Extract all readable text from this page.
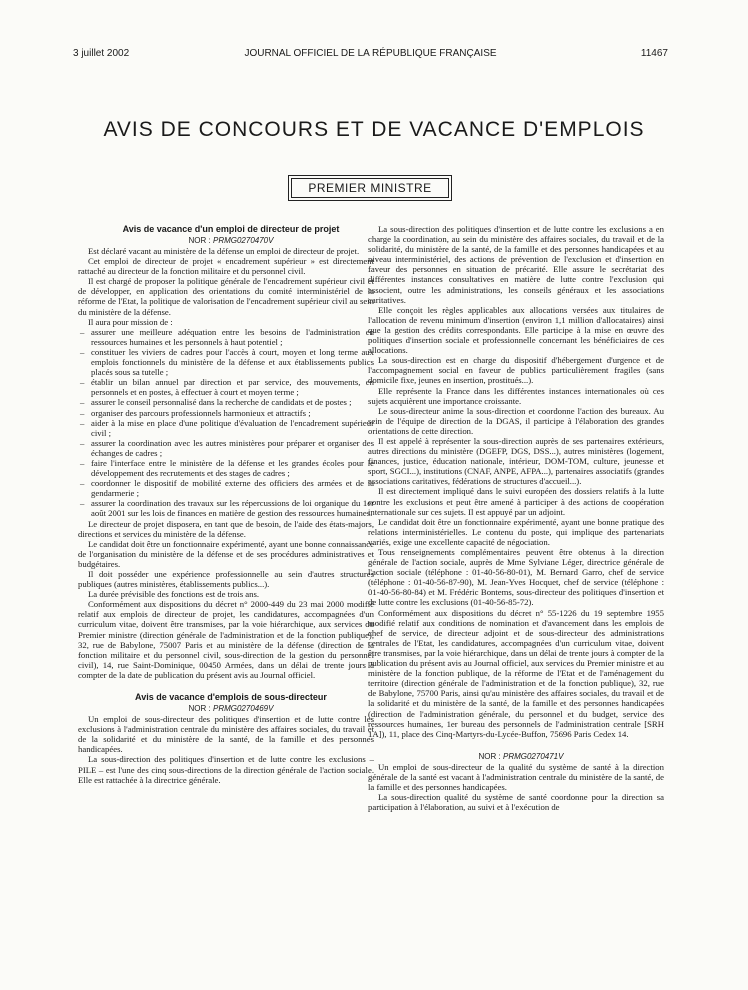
3 juillet 2002	JOURNAL OFFICIEL DE LA RÉPUBLIQUE FRANÇAISE	11467
AVIS DE CONCOURS ET DE VACANCE D'EMPLOIS
PREMIER MINISTRE

Avis de vacance d'un emploi de directeur de projet

NOR : PRMG0270470V

Est déclaré vacant au ministère de la défense un emploi de directeur de projet.

Cet emploi de directeur de projet « encadrement supérieur » est directement rattaché au directeur de la fonction militaire et du personnel civil.

Il est chargé de proposer la politique générale de l'encadrement supérieur civil et de développer, en application des orientations du comité interministériel de la réforme de l'Etat, la politique de valorisation de l'encadrement supérieur civil au sein du ministère de la défense.

Il aura pour mission de :

– assurer une meilleure adéquation entre les besoins de l'administration en ressources humaines et les personnels à haut potentiel ;
– constituer les viviers de cadres pour l'accès à court, moyen et long terme aux emplois fonctionnels du ministère de la défense et aux établissements publics placés sous sa tutelle ;
– établir un bilan annuel par direction et par service, des mouvements, en personnels et en postes, à effectuer à court et moyen terme ;
– assurer le conseil personnalisé dans la recherche de candidats et de postes ;
– organiser des parcours professionnels harmonieux et attractifs ;
– aider à la mise en place d'une politique d'évaluation de l'encadrement supérieur civil ;
– assurer la coordination avec les autres ministères pour préparer et organiser des échanges de cadres ;
– faire l'interface entre le ministère de la défense et les grandes écoles pour le développement des recrutements et des stages de cadres ;
– coordonner le dispositif de mobilité externe des officiers des armées et de la gendarmerie ;
– assurer la coordination des travaux sur les répercussions de loi organique du 1er août 2001 sur les lois de finances en matière de gestion des ressources humaines.

Le directeur de projet disposera, en tant que de besoin, de l'aide des états-majors, directions et services du ministère de la défense.

Le candidat doit être un fonctionnaire expérimenté, ayant une bonne connaissance de l'organisation du ministère de la défense et de ses procédures administratives et budgétaires.

Il doit posséder une expérience professionnelle au sein d'autres structures publiques (autres ministères, établissements publics...).

La durée prévisible des fonctions est de trois ans.

Conformément aux dispositions du décret n° 2000-449 du 23 mai 2000 modifié relatif aux emplois de directeur de projet, les candidatures, accompagnées d'un curriculum vitae, doivent être transmises, par la voie hiérarchique, aux services du Premier ministre (direction générale de l'administration et de la fonction publique), 32, rue de Babylone, 75007 Paris et au ministère de la défense (direction de la fonction militaire et du personnel civil, sous-direction de la gestion du personnel civil), 14, rue Saint-Dominique, 00450 Armées, dans un délai de trente jours à compter de la date de publication du présent avis au Journal officiel.

Avis de vacance d'emplois de sous-directeur

NOR : PRMG0270469V

Un emploi de sous-directeur des politiques d'insertion et de lutte contre les exclusions à l'administration centrale du ministère des affaires sociales, du travail et de la solidarité et du ministère de la santé, de la famille et des personnes handicapées.

La sous-direction des politiques d'insertion et de lutte contre les exclusions – PILE – est l'une des cinq sous-directions de la direction générale de l'action sociale. Elle est rattachée à la directrice générale.

La sous-direction des politiques d'insertion et de lutte contre les exclusions a en charge la coordination, au sein du ministère des affaires sociales, du travail et de la solidarité, du ministère de la santé, de la famille et des personnes handicapées et au niveau interministériel, des actions de prévention de l'exclusion et d'insertion en faveur des personnes en situation de précarité. Elle assure le secrétariat des différentes instances consultatives en matière de lutte contre l'exclusion qui associent, outre les administrations, les conseils généraux et les associations caritatives.

Elle conçoit les règles applicables aux allocations versées aux titulaires de l'allocation de revenu minimum d'insertion (environ 1,1 million d'allocataires) ainsi que la gestion des crédits correspondants. Elle participe à la mise en œuvre des politiques d'insertion sociale et professionnelle concernant les bénéficiaires de ces allocations.

La sous-direction est en charge du dispositif d'hébergement d'urgence et de l'accompagnement social en faveur de publics particulièrement fragiles (sans domicile fixe, jeunes en insertion, prostitués...).

Elle représente la France dans les différentes instances internationales où ces sujets acquièrent une importance croissante.

Le sous-directeur anime la sous-direction et coordonne l'action des bureaux. Au sein de l'équipe de direction de la DGAS, il participe à l'élaboration des grandes orientations de cette direction.

Il est appelé à représenter la sous-direction auprès de ses partenaires extérieurs, autres directions du ministère (DGEFP, DGS, DSS...), autres ministères (logement, finances, justice, éducation nationale, intérieur, DOM-TOM, culture, jeunesse et sport, SGCI...), institutions (CNAF, ANPE, AFPA...), partenaires associatifs (grandes associations caritatives, fédérations de structures d'accueil...).

Il est directement impliqué dans le suivi européen des dossiers relatifs à la lutte contre les exclusions et peut être amené à participer à des actions de coopération internationale sur ces sujets. Il est appuyé par un adjoint.

Le candidat doit être un fonctionnaire expérimenté, ayant une bonne pratique des relations interministérielles. Le contenu du poste, qui implique des partenariats variés, exige une excellente capacité de négociation.

Tous renseignements complémentaires peuvent être obtenus à la direction générale de l'action sociale, auprès de Mme Sylviane Léger, directrice générale de l'action sociale (téléphone : 01-40-56-80-01), M. Bernard Garro, chef de service (téléphone : 01-40-56-87-90), M. Jean-Yves Hocquet, chef de service (téléphone : 01-40-56-80-84) et M. Frédéric Bontems, sous-directeur des politiques d'insertion et de lutte contre les exclusions (01-40-56-85-72).

Conformément aux dispositions du décret n° 55-1226 du 19 septembre 1955 modifié relatif aux conditions de nomination et d'avancement dans les emplois de chef de service, de directeur adjoint et de sous-directeur des administrations centrales de l'Etat, les candidatures, accompagnées d'un curriculum vitae, doivent être transmises, par la voie hiérarchique, dans un délai de trente jours à compter de la publication du présent avis au Journal officiel, aux services du Premier ministre et au ministère de la fonction publique, de la réforme de l'Etat et de l'aménagement du territoire (direction générale de l'administration et de la fonction publique), 32, rue de Babylone, 75700 Paris, ainsi qu'au ministère des affaires sociales, du travail et de la solidarité et du ministère de la santé, de la famille et des personnes handicapées (direction de l'administration générale, du personnel et du budget, service des ressources humaines, 1er bureau des personnels de l'administration centrale [SRH 1A]), 11, place des Cinq-Martyrs-du-Lycée-Buffon, 75696 Paris Cedex 14.

NOR : PRMG0270471V

Un emploi de sous-directeur de la qualité du système de santé à la direction générale de la santé est vacant à l'administration centrale du ministère de la santé, de la famille et des personnes handicapées.

La sous-direction qualité du système de santé coordonne pour la direction sa participation à l'élaboration, au suivi et à l'exécution de
